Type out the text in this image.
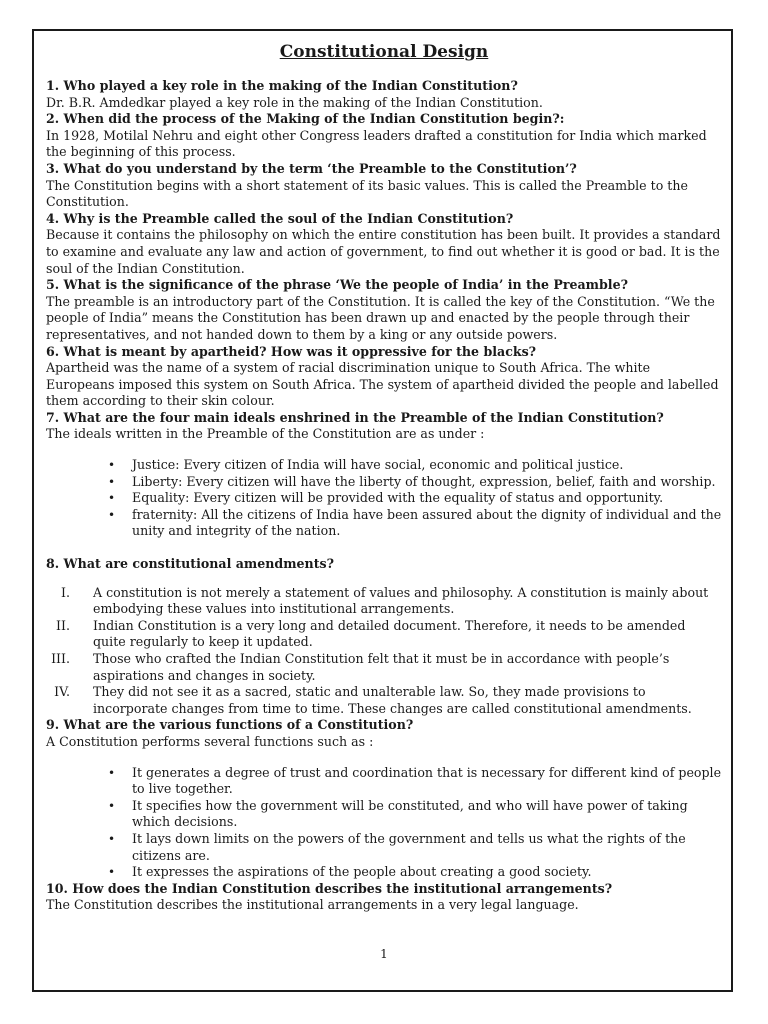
Constitutional Design
1. Who played a key role in the making of the Indian Constitution?
Dr. B.R. Amdedkar played a key role in the making of the Indian Constitution.
2. When did the process of the Making of the Indian Constitution begin?:
In 1928, Motilal Nehru and eight other Congress leaders drafted a constitution for India which marked the beginning of this process.
3. What do you understand by the term ‘the Preamble to the Constitution’?
The Constitution begins with a short statement of its basic values. This is called the Preamble to the Constitution.
4. Why is the Preamble called the soul of the Indian Constitution?
Because it contains the philosophy on which the entire constitution has been built. It provides a standard to examine and evaluate any law and action of government, to find out whether it is good or bad. It is the soul of the Indian Constitution.
5. What is the significance of the phrase ‘We the people of India’ in the Preamble?
The preamble is an introductory part of the Constitution. It is called the key of the Constitution. “We the people of India” means the Constitution has been drawn up and enacted by the people through their representatives, and not handed down to them by a king or any outside powers.
6. What is meant by apartheid? How was it oppressive for the blacks?
Apartheid was the name of a system of racial discrimination unique to South Africa. The white Europeans imposed this system on South Africa. The system of apartheid divided the people and labelled them according to their skin colour.
7. What are the four main ideals enshrined in the Preamble of the Indian Constitution?
The ideals written in the Preamble of the Constitution are as under :
• Justice: Every citizen of India will have social, economic and political justice.
• Liberty: Every citizen will have the liberty of thought, expression, belief, faith and worship.
• Equality: Every citizen will be provided with the equality of status and opportunity.
• fraternity: All the citizens of India have been assured about the dignity of individual and the unity and integrity of the nation.
8. What are constitutional amendments?
I. A constitution is not merely a statement of values and philosophy. A constitution is mainly about embodying these values into institutional arrangements.
II. Indian Constitution is a very long and detailed document. Therefore, it needs to be amended quite regularly to keep it updated.
III. Those who crafted the Indian Constitution felt that it must be in accordance with people’s aspirations and changes in society.
IV. They did not see it as a sacred, static and unalterable law. So, they made provisions to incorporate changes from time to time. These changes are called constitutional amendments.
9. What are the various functions of a Constitution?
A Constitution performs several functions such as :
• It generates a degree of trust and coordination that is necessary for different kind of people to live together.
• It specifies how the government will be constituted, and who will have power of taking which decisions.
• It lays down limits on the powers of the government and tells us what the rights of the citizens are.
• It expresses the aspirations of the people about creating a good society.
10. How does the Indian Constitution describes the institutional arrangements?
The Constitution describes the institutional arrangements in a very legal language.
1
